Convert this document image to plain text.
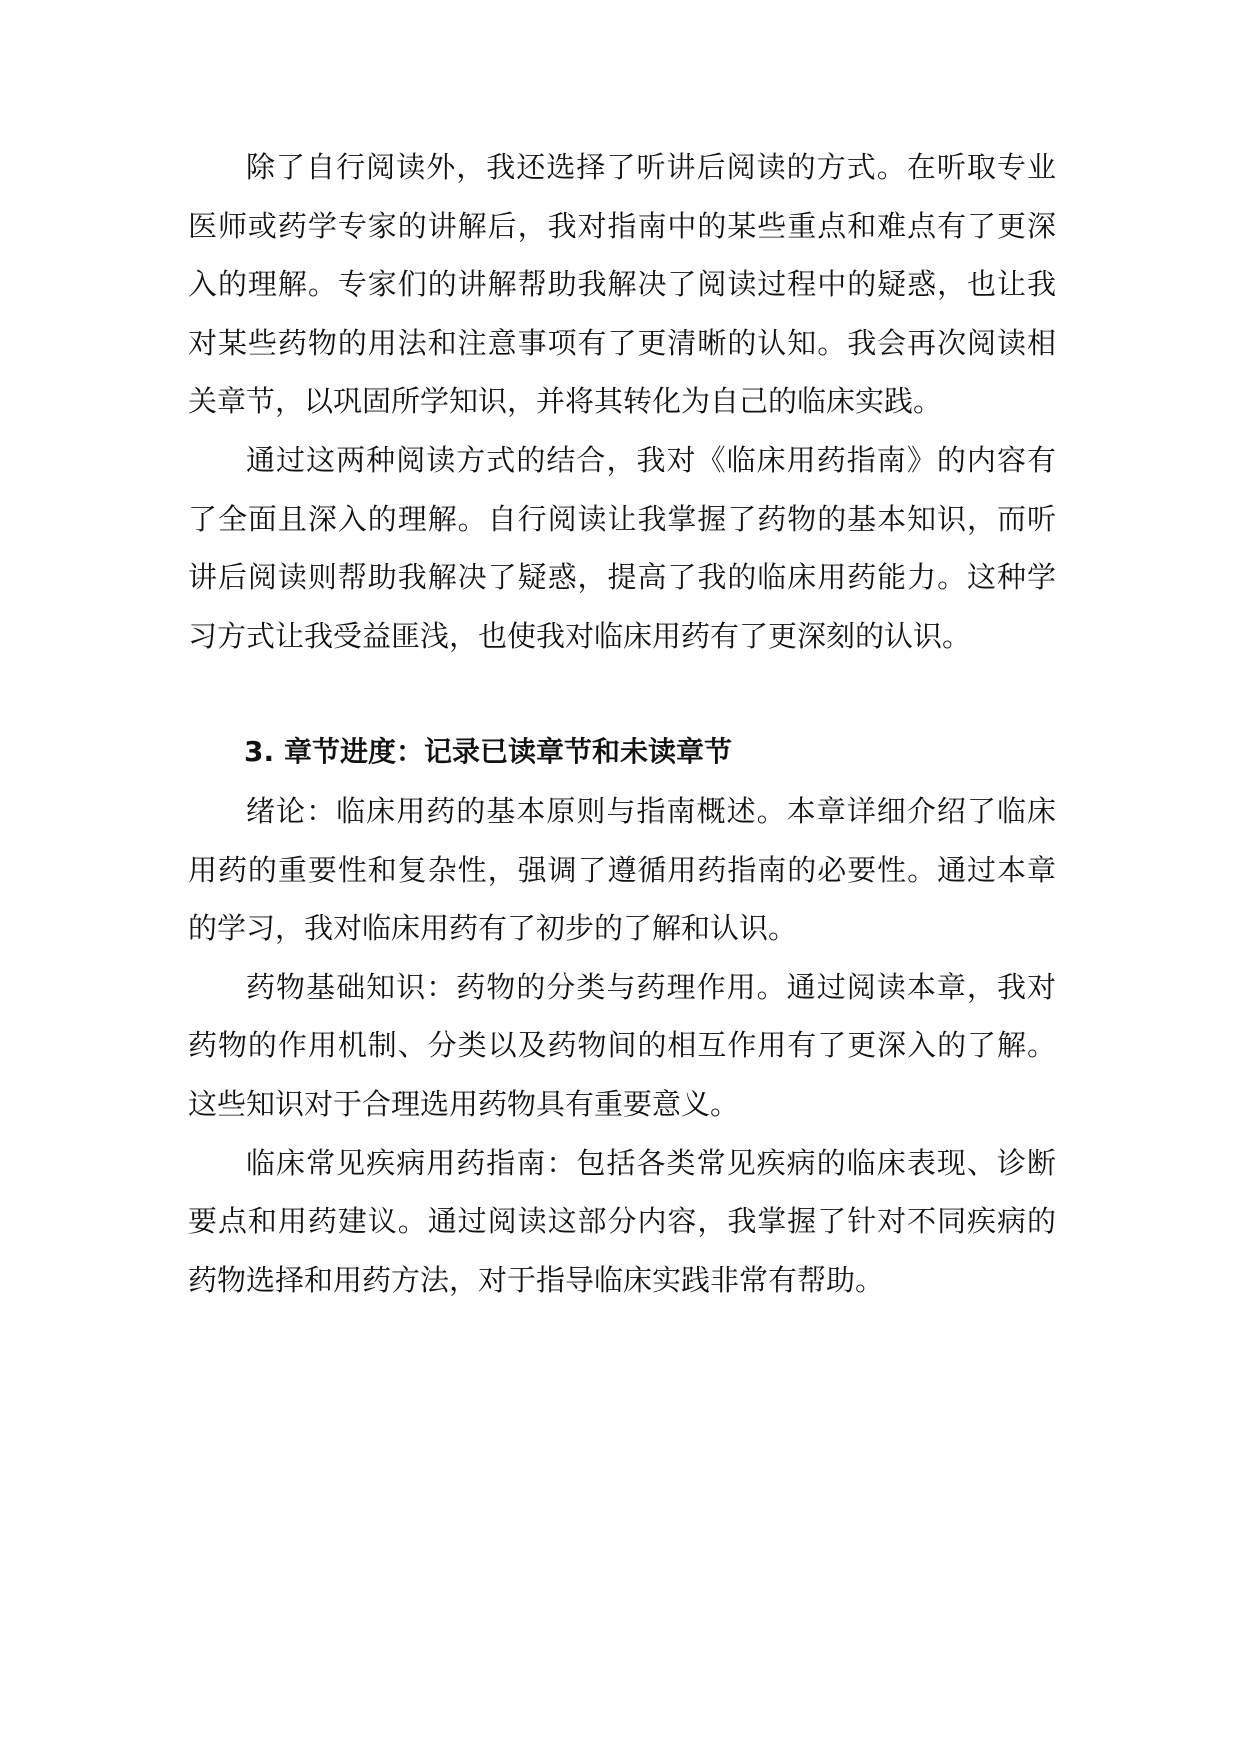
除了自行阅读外，我还选择了听讲后阅读的方式。在听取专业医师或药学专家的讲解后，我对指南中的某些重点和难点有了更深入的理解。专家们的讲解帮助我解决了阅读过程中的疑惑，也让我对某些药物的用法和注意事项有了更清晰的认知。我会再次阅读相关章节，以巩固所学知识，并将其转化为自己的临床实践。

通过这两种阅读方式的结合，我对《临床用药指南》的内容有了全面且深入的理解。自行阅读让我掌握了药物的基本知识，而听讲后阅读则帮助我解决了疑惑，提高了我的临床用药能力。这种学习方式让我受益匪浅，也使我对临床用药有了更深刻的认识。

3. 章节进度：记录已读章节和未读章节

绪论：临床用药的基本原则与指南概述。本章详细介绍了临床用药的重要性和复杂性，强调了遵循用药指南的必要性。通过本章的学习，我对临床用药有了初步的了解和认识。

药物基础知识：药物的分类与药理作用。通过阅读本章，我对药物的作用机制、分类以及药物间的相互作用有了更深入的了解。这些知识对于合理选用药物具有重要意义。

临床常见疾病用药指南：包括各类常见疾病的临床表现、诊断要点和用药建议。通过阅读这部分内容，我掌握了针对不同疾病的药物选择和用药方法，对于指导临床实践非常有帮助。
